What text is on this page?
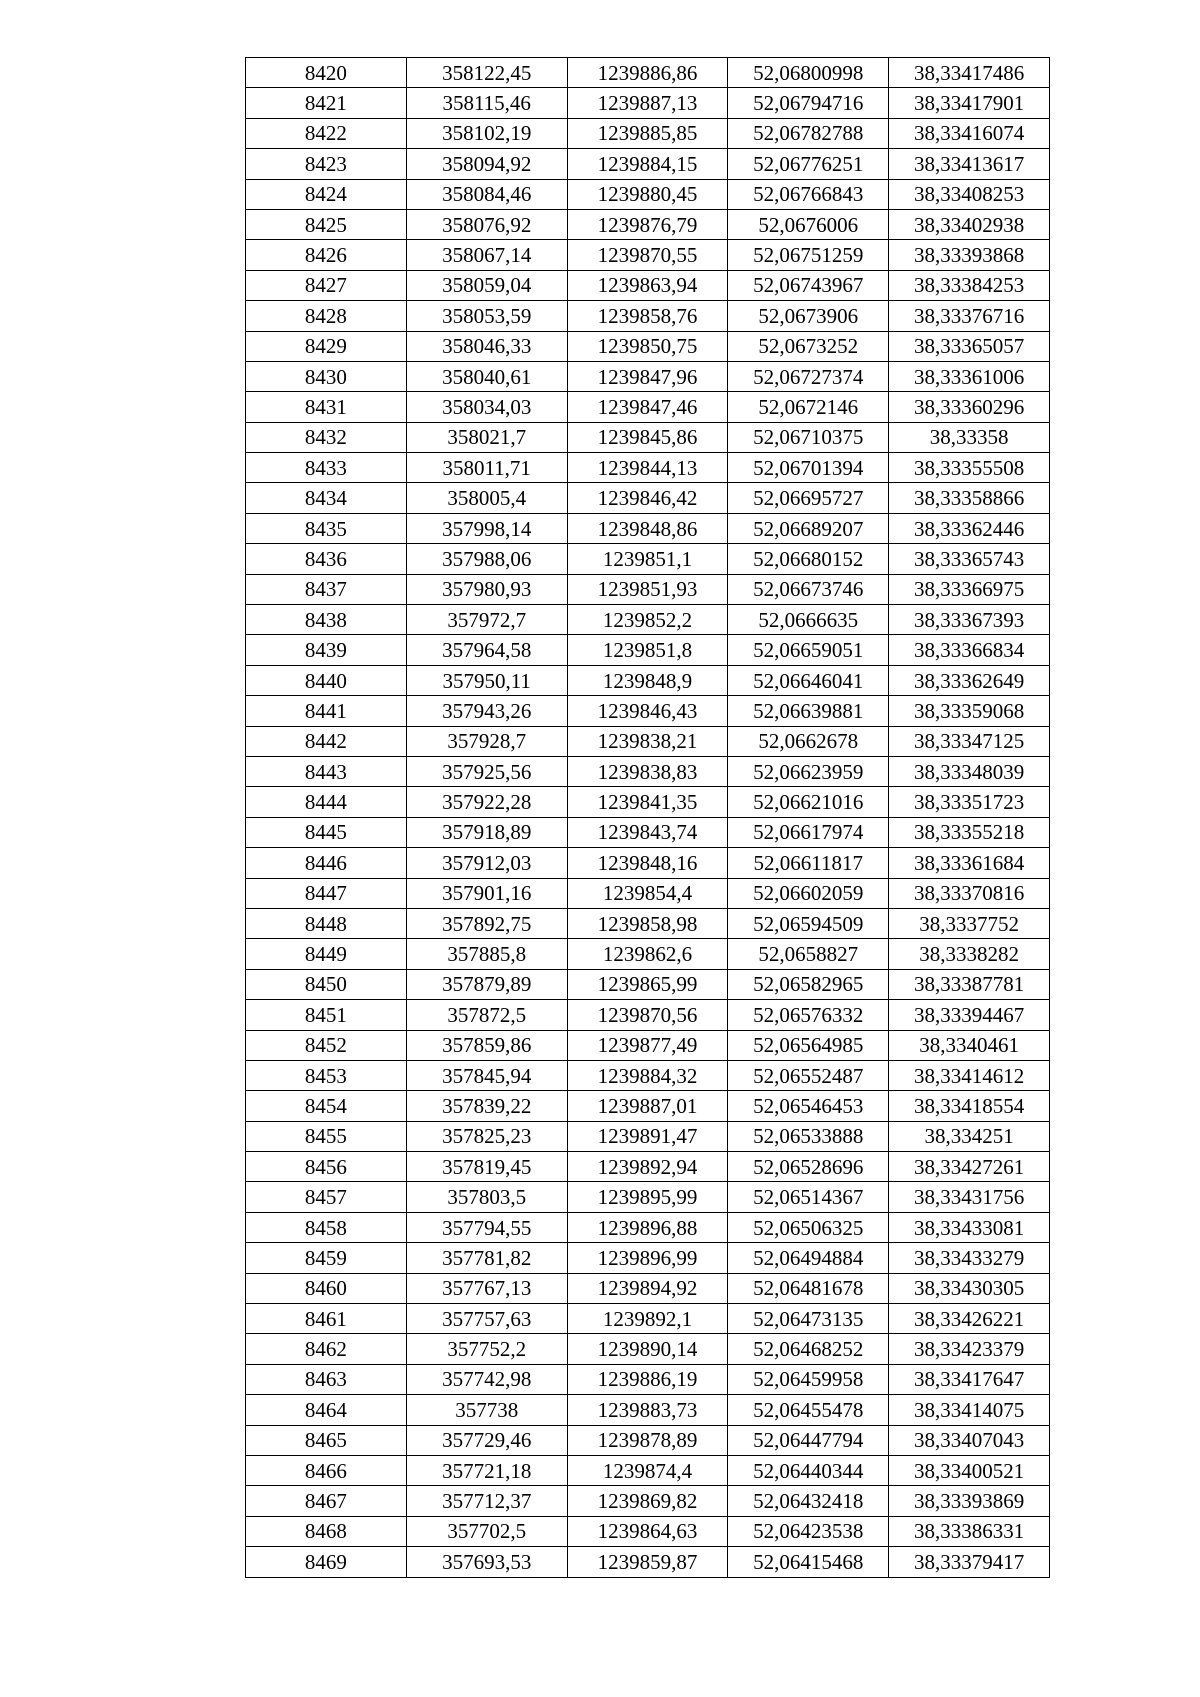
8420	358122,45	1239886,86	52,06800998	38,33417486
8421	358115,46	1239887,13	52,06794716	38,33417901
8422	358102,19	1239885,85	52,06782788	38,33416074
8423	358094,92	1239884,15	52,06776251	38,33413617
8424	358084,46	1239880,45	52,06766843	38,33408253
8425	358076,92	1239876,79	52,0676006	38,33402938
8426	358067,14	1239870,55	52,06751259	38,33393868
8427	358059,04	1239863,94	52,06743967	38,33384253
8428	358053,59	1239858,76	52,0673906	38,33376716
8429	358046,33	1239850,75	52,0673252	38,33365057
8430	358040,61	1239847,96	52,06727374	38,33361006
8431	358034,03	1239847,46	52,0672146	38,33360296
8432	358021,7	1239845,86	52,06710375	38,33358
8433	358011,71	1239844,13	52,06701394	38,33355508
8434	358005,4	1239846,42	52,06695727	38,33358866
8435	357998,14	1239848,86	52,06689207	38,33362446
8436	357988,06	1239851,1	52,06680152	38,33365743
8437	357980,93	1239851,93	52,06673746	38,33366975
8438	357972,7	1239852,2	52,0666635	38,33367393
8439	357964,58	1239851,8	52,06659051	38,33366834
8440	357950,11	1239848,9	52,06646041	38,33362649
8441	357943,26	1239846,43	52,06639881	38,33359068
8442	357928,7	1239838,21	52,0662678	38,33347125
8443	357925,56	1239838,83	52,06623959	38,33348039
8444	357922,28	1239841,35	52,06621016	38,33351723
8445	357918,89	1239843,74	52,06617974	38,33355218
8446	357912,03	1239848,16	52,06611817	38,33361684
8447	357901,16	1239854,4	52,06602059	38,33370816
8448	357892,75	1239858,98	52,06594509	38,3337752
8449	357885,8	1239862,6	52,0658827	38,3338282
8450	357879,89	1239865,99	52,06582965	38,33387781
8451	357872,5	1239870,56	52,06576332	38,33394467
8452	357859,86	1239877,49	52,06564985	38,3340461
8453	357845,94	1239884,32	52,06552487	38,33414612
8454	357839,22	1239887,01	52,06546453	38,33418554
8455	357825,23	1239891,47	52,06533888	38,334251
8456	357819,45	1239892,94	52,06528696	38,33427261
8457	357803,5	1239895,99	52,06514367	38,33431756
8458	357794,55	1239896,88	52,06506325	38,33433081
8459	357781,82	1239896,99	52,06494884	38,33433279
8460	357767,13	1239894,92	52,06481678	38,33430305
8461	357757,63	1239892,1	52,06473135	38,33426221
8462	357752,2	1239890,14	52,06468252	38,33423379
8463	357742,98	1239886,19	52,06459958	38,33417647
8464	357738	1239883,73	52,06455478	38,33414075
8465	357729,46	1239878,89	52,06447794	38,33407043
8466	357721,18	1239874,4	52,06440344	38,33400521
8467	357712,37	1239869,82	52,06432418	38,33393869
8468	357702,5	1239864,63	52,06423538	38,33386331
8469	357693,53	1239859,87	52,06415468	38,33379417
